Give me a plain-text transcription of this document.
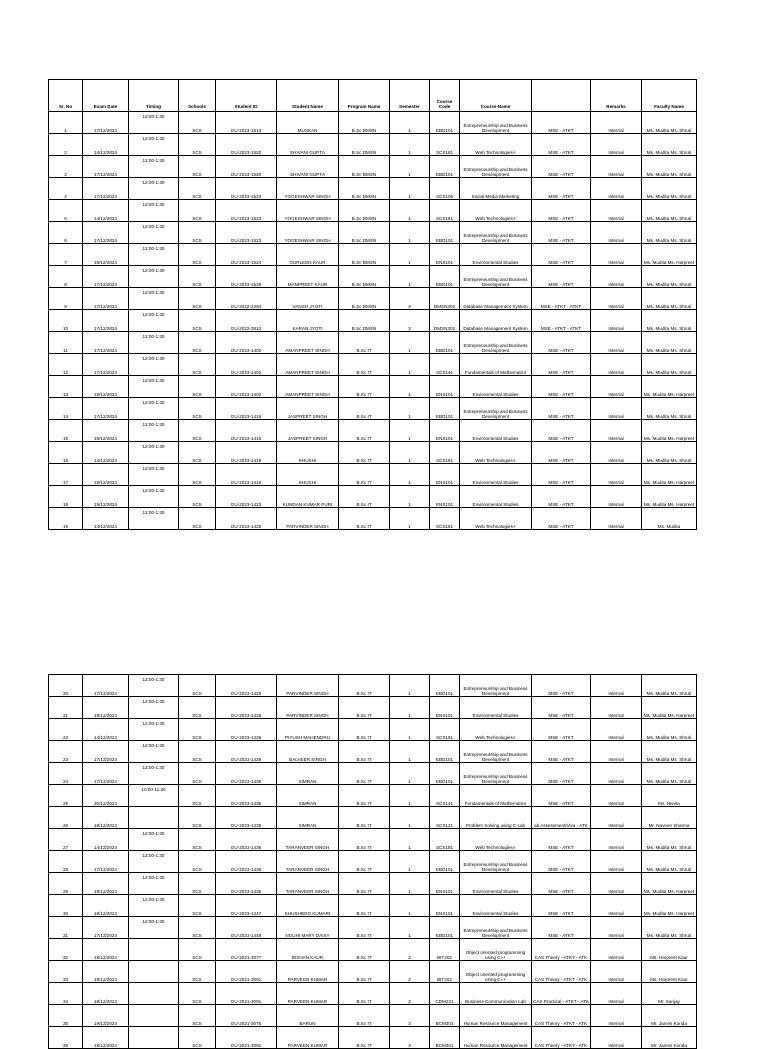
Sr. No	Exam Date	Timing	Schools	Student ID	Student Name	Program Name	Semester	Course Code	Course Name		Remarks	Faculty Name
1	17/12/2024	12:00-1:30	SCS	GU-2023-1513	MUSKAN	B.Sc DMSN	1	EBD101	Entrepreneurship and Business Development	MSE - ATKT	Internal	Ms. Mudita Ms. Shruti
2	14/12/2024	12:00-1:30	SCS	GU-2023-1520	SHIVANI GUPTA	B.Sc DMSN	1	SCS181	Web Technologies-I	MSE - ATKT	Internal	Ms. Mudita Ms. Shruti
3	17/12/2024	12:00-1:30	SCS	GU-2023-1520	SHIVANI GUPTA	B.Sc DMSN	1	EBD101	Entrepreneurship and Business Development	MSE - ATKT	Internal	Ms. Mudita Ms. Shruti
4	17/12/2024	12:00-1:30	SCS	GU-2023-1523	YOGESHWAR SINGH	B.Sc DMSN	1	SCS106	Social Media Marketing	MSE - ATKT	Internal	Ms. Mudita Ms. Shruti
5	14/12/2024	12:00-1:30	SCS	GU-2023-1523	YOGESHWAR SINGH	B.Sc DMSN	1	SCS181	Web Technologies-I	MSE - ATKT	Internal	Ms. Mudita Ms. Shruti
6	17/12/2024	12:00-1:30	SCS	GU-2023-1523	YOGESHWAR SINGH	B.Sc DMSN	1	EBD101	Entrepreneurship and Business Development	MSE - ATKT	Internal	Ms. Mudita Ms. Shruti
7	19/12/2024	12:00-1:30	SCS	GU-2023-1524	GURLEEN KAUR	B.Sc DMSN	1	ENS101	Environmental Studies	MSE - ATKT	Internal	Ms. Mudita Ms. Harpreet
8	17/12/2024	12:00-1:30	SCS	GU-2023-1529	MANPREET KAUR	B.Sc DMSN	1	EBD101	Entrepreneurship and Business Development	MSE - ATKT	Internal	Ms. Mudita Ms. Shruti
9	17/12/2024	12:00-1:30	SCS	GU-2022-2294	VANSH JYOTI	B.Sc DMSN	3	DMSN302	Database Management System	MSE - ATKT - ATKT	Internal	Ms. Mudita Ms. Shruti
10	17/12/2024	12:00-1:30	SCS	GU-2022-3812	KARAN JYOTI	B.Sc DMSN	3	DMSN302	Database Management System	MSE - ATKT - ATKT	Internal	Ms. Mudita Ms. Shruti
11	17/12/2024	12:00-1:30	SCS	GU-2023-1402	AMANPREET SINGH	B.Sc IT	1	EBD101	Entrepreneurship and Business Development	MSE - ATKT	Internal	Ms. Mudita Ms. Shruti
12	17/12/2024	12:00-1:30	SCS	GU-2023-1402	AMANPREET SINGH	B.Sc IT	1	SCS141	Fundamentals of Mathematics	MSE - ATKT	Internal	Ms. Mudita Ms. Shruti
13	19/12/2024	12:00-1:30	SCS	GU-2023-1402	AMANPREET SINGH	B.Sc IT	1	ENS101	Environmental Studies	MSE - ATKT	Internal	Ms. Mudita Ms. Harpreet
14	17/12/2024	12:00-1:30	SCS	GU-2023-1416	JASPREET SINGH	B.Sc IT	1	EBD101	Entrepreneurship and Business Development	MSE - ATKT	Internal	Ms. Mudita Ms. Shruti
15	19/12/2024	12:00-1:30	SCS	GU-2023-1416	JASPREET SINGH	B.Sc IT	1	ENS101	Environmental Studies	MSE - ATKT	Internal	Ms. Mudita Ms. Harpreet
16	14/12/2024	12:00-1:30	SCS	GU-2023-1419	KHUSHI	B.Sc IT	1	SCS181	Web Technologies-I	MSE - ATKT	Internal	Ms. Mudita Ms. Shruti
17	19/12/2024	12:00-1:30	SCS	GU-2023-1419	KHUSHI	B.Sc IT	1	ENS101	Environmental Studies	MSE - ATKT	Internal	Ms. Mudita Ms. Harpreet
18	19/12/2024	12:00-1:30	SCS	GU-2023-1423	KUNDAN KUMAR PURI	B.Sc IT	1	ENS101	Environmental Studies	MSE - ATKT	Internal	Ms. Mudita Ms. Harpreet
19	14/12/2024	12:00-1:30	SCS	GU-2023-1425	PARVINDER SINGH	B.Sc IT	1	SCS181	Web Technologies-I	MSE - ATKT	Internal	Ms. Mudita
20	17/12/2024	12:00-1:30	SCS	GU-2023-1425	PARVINDER SINGH	B.Sc IT	1	EBD101	Entrepreneurship and Business Development	MSE - ATKT	Internal	Ms. Mudita Ms. Shruti
21	19/12/2024	12:00-1:30	SCS	GU-2023-1425	PARVINDER SINGH	B.Sc IT	1	ENS101	Environmental Studies	MSE - ATKT	Internal	Ms. Mudita Ms. Harpreet
22	14/12/2024	12:00-1:30	SCS	GU-2023-1426	PIYUSH MAHENDRU	B.Sc IT	1	SCS181	Web Technologies-I	MSE - ATKT	Internal	Ms. Mudita Ms. Shruti
23	17/12/2024	12:00-1:30	SCS	GU-2023-1429	BALVEER SINGH	B.Sc IT	1	EBD101	Entrepreneurship and Business Development	MSE - ATKT	Internal	Ms. Mudita Ms. Shruti
24	17/12/2024	12:00-1:30	SCS	GU-2023-1435	SIMRAN	B.Sc IT	1	EBD101	Entrepreneurship and Business Development	MSE - ATKT	Internal	Ms. Mudita Ms. Shruti
25	30/12/2024	10:00-11:30	SCS	GU-2023-1435	SIMRAN	B.Sc IT	1	SCS141	Fundamentals of Mathematics	MSE - ATKT	Internal	Ms. Niveta
26	19/12/2024		SCS	GU-2023-1435	SIMRAN	B.Sc IT	1	SCS121	Problem Solving using C Lab	ab Assessment/Viva - ATK	Internal	Mr. Naveen Sharma
27	14/12/2024	12:00-1:30	SCS	GU-2023-1436	TARANVEER SINGH	B.Sc IT	1	SCS181	Web Technologies-I	MSE - ATKT	Internal	Ms. Mudita Ms. Shruti
28	17/12/2024	12:00-1:30	SCS	GU-2023-1436	TARANVEER SINGH	B.Sc IT	1	EBD101	Entrepreneurship and Business Development	MSE - ATKT	Internal	Ms. Mudita Ms. Shruti
29	19/12/2024	12:00-1:30	SCS	GU-2023-1436	TARANVEER SINGH	B.Sc IT	1	ENS101	Environmental Studies	MSE - ATKT	Internal	Ms. Mudita Ms. Harpreet
30	19/12/2024	12:00-1:30	SCS	GU-2023-1447	KHUSHBOO KUMARI	B.Sc IT	1	ENS101	Environmental Studies	MSE - ATKT	Internal	Ms. Mudita Ms. Harpreet
31	17/12/2024	12:00-1:30	SCS	GU-2023-1448	NGUHI MARY DAISY	B.Sc IT	1	EBD101	Entrepreneurship and Business Development	MSE - ATKT	Internal	Ms. Mudita Ms. Shruti
32	19/12/2024		SCS	GU-2021-3077	BISHAN KAUR	B.Sc IT	2	BIT202	Object oriented programming using C++	CAS Theory - ATKT - ATK	Internal	Ms. Harpreet Kaur
33	19/12/2024		SCS	GU-2021-3091	PARVEEN KUMAR	B.Sc IT	2	BIT202	Object oriented programming using C++	CAS Theory - ATKT - ATK	Internal	Ms. Harpreet Kaur
34	19/12/2024		SCS	GU-2021-3091	PARVEEN KUMAR	B.Sc IT	2	CDM221	Business Communication Lab	CAS Practical - ATKT - ATK	Internal	Mr. Sanjay
35	19/12/2024		SCS	GU-2021-3075	BARUN	B.Sc IT	3	BCM301	Human Resource Management	CAS Theory - ATKT - ATK	Internal	Mr. James Konda
36	19/12/2024		SCS	GU-2021-3091	PARVEEN KUMAR	B.Sc IT	3	BCM301	Human Resource Management	CAS Theory - ATKT - ATK	Internal	Mr. James Konda
